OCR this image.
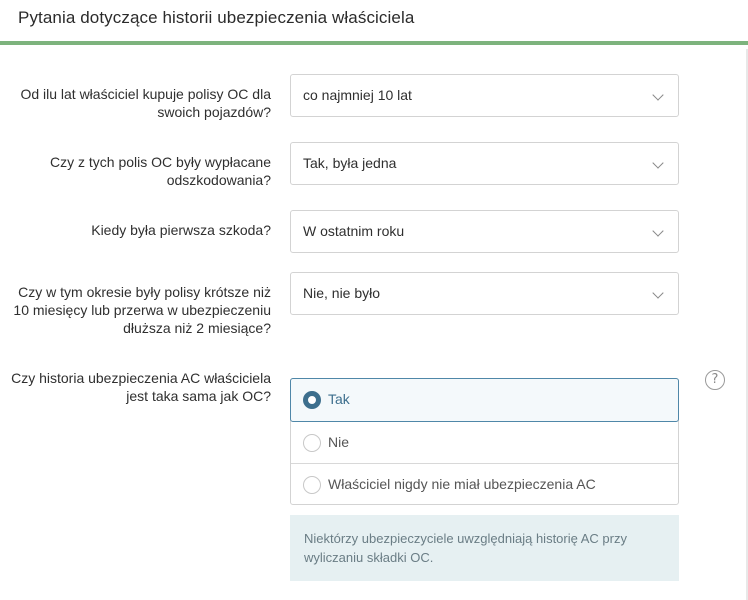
Pytania dotyczące historii ubezpieczenia właściciela
Od ilu lat właściciel kupuje polisy OC dla
swoich pojazdów?
co najmniej 10 lat
Czy z tych polis OC były wypłacane
odszkodowania?
Tak, była jedna
Kiedy była pierwsza szkoda? W ostatnim roku
Czy w tym okresie były polisy krótsze niż
10 miesięcy lub przerwa w ubezpieczeniu
dłuższa niż 2 miesiące?
Nie, nie było
Czy historia ubezpieczenia AC właściciela
jest taka sama jak OC?	Tak
Nie
Właściciel nigdy nie miał ubezpieczenia AC
?
Niektórzy ubezpieczyciele uwzględniają historię AC przy wyliczaniu składki OC.
